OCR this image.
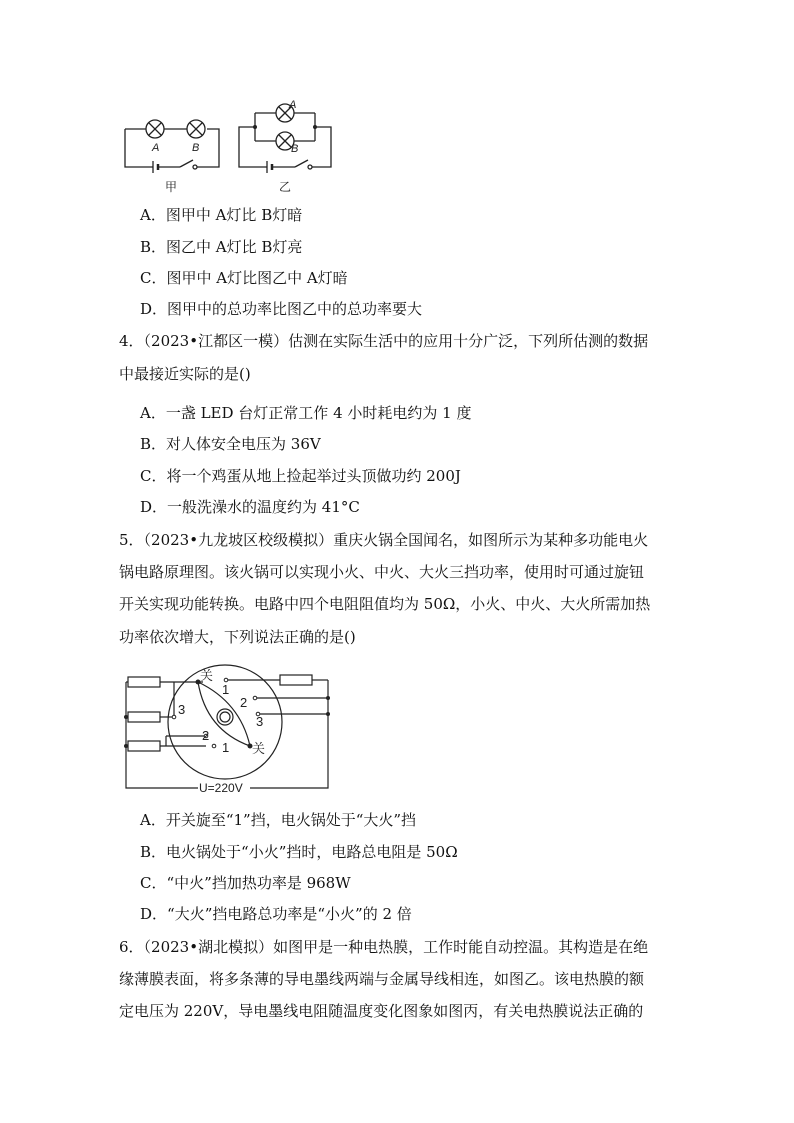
A	B
甲
A
B
乙
A．图甲中 A灯比 B灯暗
B．图乙中 A灯比 B灯亮
C．图甲中 A灯比图乙中 A灯暗
D．图甲中的总功率比图乙中的总功率要大
4．（2023•江都区一模）估测在实际生活中的应用十分广泛，下列所估测的数据
中最接近实际的是()
A．一盏 LED 台灯正常工作 4 小时耗电约为 1 度
B．对人体安全电压为 36V
C．将一个鸡蛋从地上捡起举过头顶做功约 200J
D．一般洗澡水的温度约为 41°C
5．（2023•九龙坡区校级模拟）重庆火锅全国闻名，如图所示为某种多功能电火
锅电路原理图。该火锅可以实现小火、中火、大火三挡功率，使用时可通过旋钮
开关实现功能转换。电路中四个电阻阻值均为 50Ω，小火、中火、大火所需加热
功率依次增大，下列说法正确的是()
关
关
1
2
3
3
2
1
U=220V
A．开关旋至“1”挡，电火锅处于“大火”挡
B．电火锅处于“小火”挡时，电路总电阻是 50Ω
C．“中火”挡加热功率是 968W
D．“大火”挡电路总功率是“小火”的 2 倍
6．（2023•湖北模拟）如图甲是一种电热膜，工作时能自动控温。其构造是在绝
缘薄膜表面，将多条薄的导电墨线两端与金属导线相连，如图乙。该电热膜的额
定电压为 220V，导电墨线电阻随温度变化图象如图丙，有关电热膜说法正确的
